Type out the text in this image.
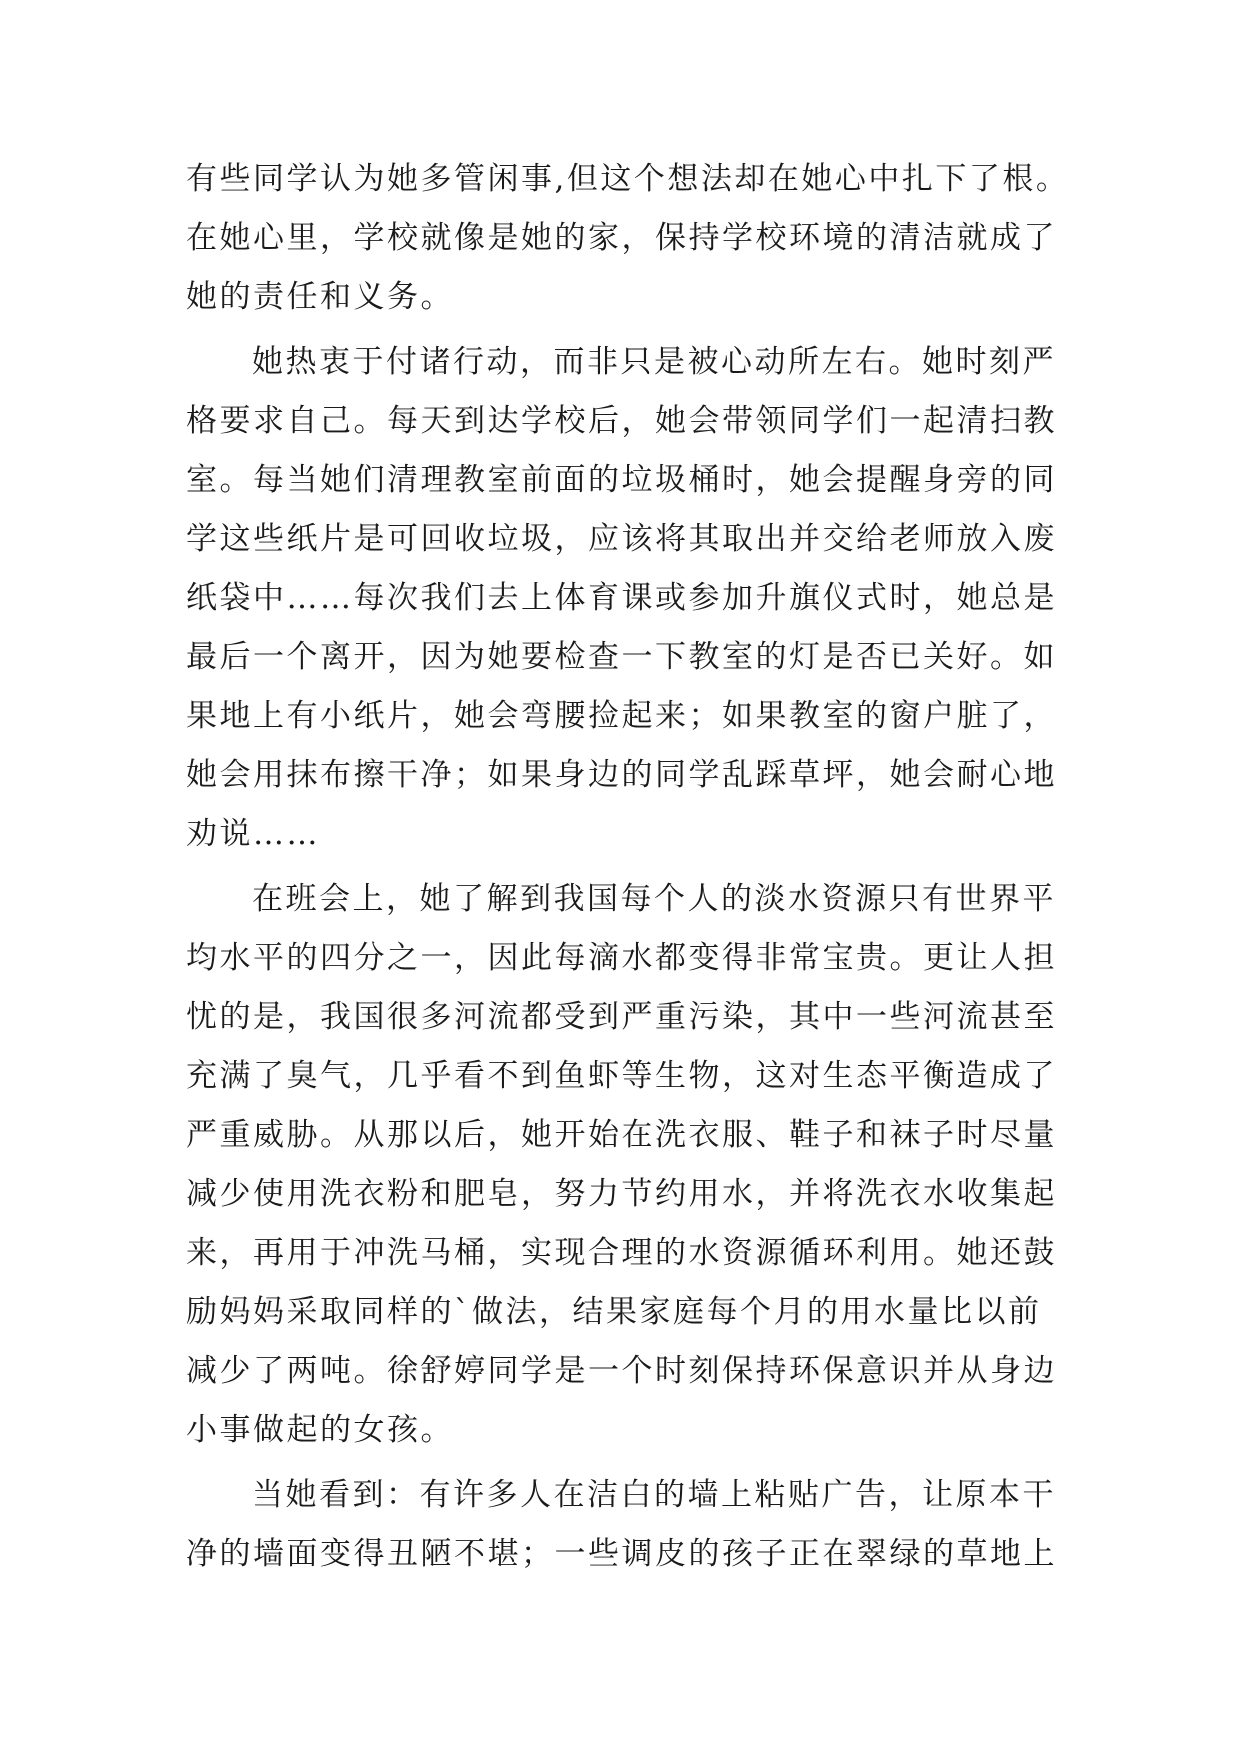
有些同学认为她多管闲事,但这个想法却在她心中扎下了根。
在她心里，学校就像是她的家，保持学校环境的清洁就成了
她的责任和义务。
她热衷于付诸行动，而非只是被心动所左右。她时刻严
格要求自己。每天到达学校后，她会带领同学们一起清扫教
室。每当她们清理教室前面的垃圾桶时，她会提醒身旁的同
学这些纸片是可回收垃圾，应该将其取出并交给老师放入废
纸袋中……每次我们去上体育课或参加升旗仪式时，她总是
最后一个离开，因为她要检查一下教室的灯是否已关好。如
果地上有小纸片，她会弯腰捡起来；如果教室的窗户脏了，
她会用抹布擦干净；如果身边的同学乱踩草坪，她会耐心地
劝说……
在班会上，她了解到我国每个人的淡水资源只有世界平
均水平的四分之一，因此每滴水都变得非常宝贵。更让人担
忧的是，我国很多河流都受到严重污染，其中一些河流甚至
充满了臭气，几乎看不到鱼虾等生物，这对生态平衡造成了
严重威胁。从那以后，她开始在洗衣服、鞋子和袜子时尽量
减少使用洗衣粉和肥皂，努力节约用水，并将洗衣水收集起
来，再用于冲洗马桶，实现合理的水资源循环利用。她还鼓
励妈妈采取同样的`做法，结果家庭每个月的用水量比以前
减少了两吨。徐舒婷同学是一个时刻保持环保意识并从身边
小事做起的女孩。
当她看到：有许多人在洁白的墙上粘贴广告，让原本干
净的墙面变得丑陋不堪；一些调皮的孩子正在翠绿的草地上
